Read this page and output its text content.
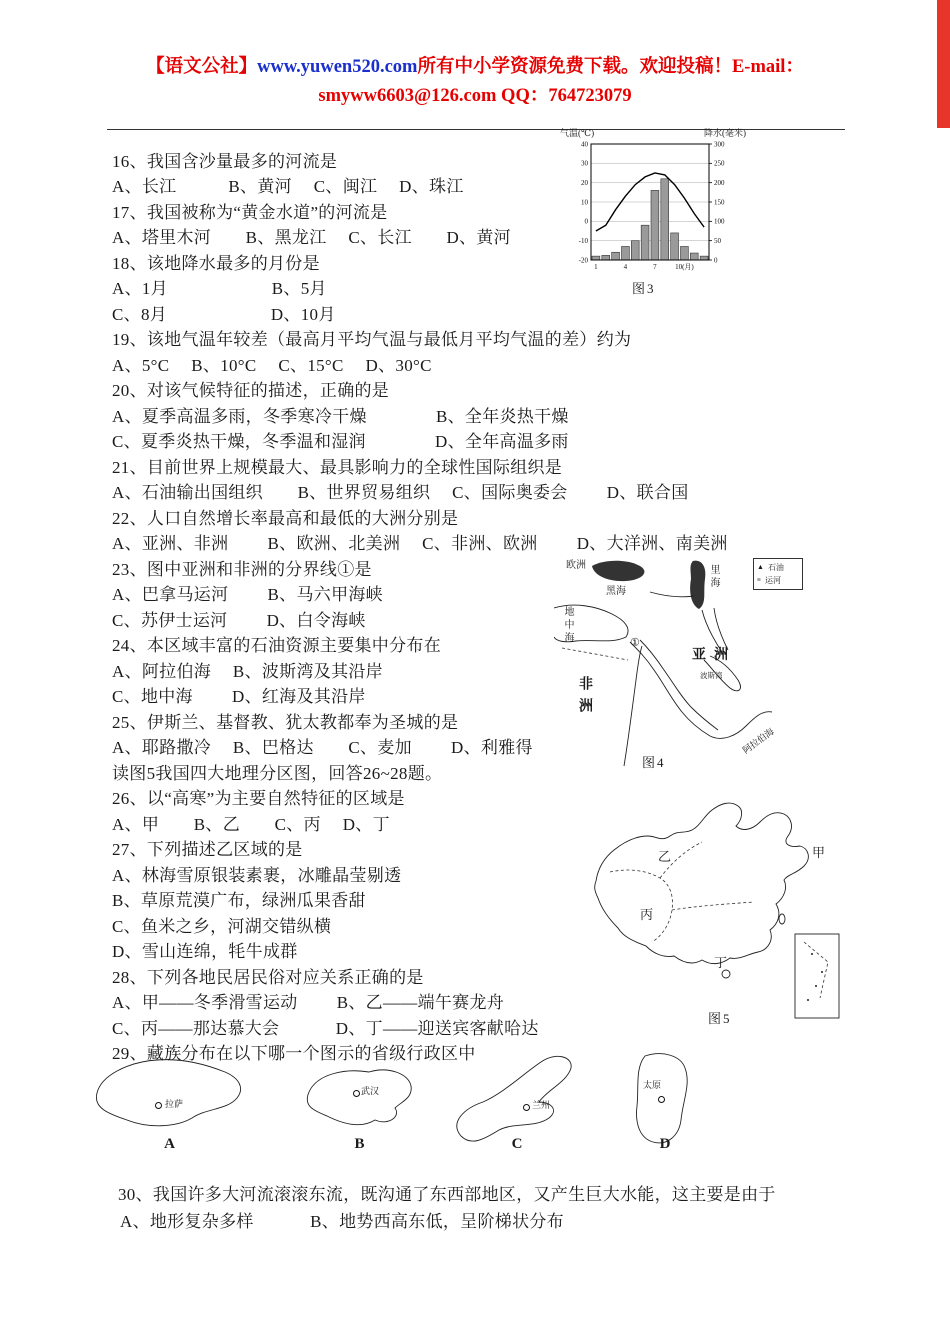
【语文公社】www.yuwen520.com所有中小学资源免费下载。欢迎投稿！E-mail：
smyww6603@126.com QQ：764723079
16、我国含沙量最多的河流是
A、长江　　　B、黄河　 C、闽江　 D、珠江
17、我国被称为“黄金水道”的河流是
A、塔里木河　　B、黑龙江　 C、长江　　D、黄河
18、该地降水最多的月份是
A、1月　　　　　　B、5月
C、8月　　　　　　D、10月
19、该地气温年较差（最高月平均气温与最低月平均气温的差）约为
A、5°C　 B、10°C　 C、15°C　 D、30°C
20、对该气候特征的描述，正确的是
A、夏季高温多雨，冬季寒冷干燥　　　　B、全年炎热干燥
C、夏季炎热干燥，冬季温和湿润　　　　D、全年高温多雨
21、目前世界上规模最大、最具影响力的全球性国际组织是
A、石油输出国组织　　B、世界贸易组织　 C、国际奥委会　　 D、联合国
22、人口自然增长率最高和最低的大洲分别是
A、亚洲、非洲　　 B、欧洲、北美洲　 C、非洲、欧洲　　 D、大洋洲、南美洲
23、图中亚洲和非洲的分界线①是
A、巴拿马运河　　 B、马六甲海峡
C、苏伊士运河　　 D、白令海峡
24、本区域丰富的石油资源主要集中分布在
A、阿拉伯海　 B、波斯湾及其沿岸
C、地中海　　 D、红海及其沿岸
25、伊斯兰、基督教、犹太教都奉为圣城的是
A、耶路撒冷　 B、巴格达　　C、麦加　　 D、利雅得
读图5我国四大地理分区图，回答26~28题。
26、以“高寒”为主要自然特征的区域是
A、甲　　B、乙　　C、丙　 D、丁
27、下列描述乙区域的是
A、林海雪原银装素裹，冰雕晶莹剔透
B、草原荒漠广布，绿洲瓜果香甜
C、鱼米之乡，河湖交错纵横
D、雪山连绵，牦牛成群
28、下列各地民居民俗对应关系正确的是
A、甲——冬季滑雪运动　　 B、乙——端午赛龙舟
C、丙——那达慕大会　　　 D、丁——迎送宾客献哈达
29、藏族分布在以下哪一个图示的省级行政区中
30、我国许多大河流滚滚东流，既沟通了东西部地区，又产生巨大水能，这主要是由于
A、地形复杂多样　　　 B、地势西高东低，呈阶梯状分布
气温(℃)	降水(毫米)
40
30
20
10
0
-10
-20
300
250
200
150
100
50
0
1	4	7	10(月)
图3
欧洲
黑海
里海
地中海
亚洲
非洲
阿拉伯海
波斯湾
①
▲ 石油
≡ 运河
图4
乙	甲
丙
丁
图5
拉萨
A
武汉
B
兰州
C
太原
D
